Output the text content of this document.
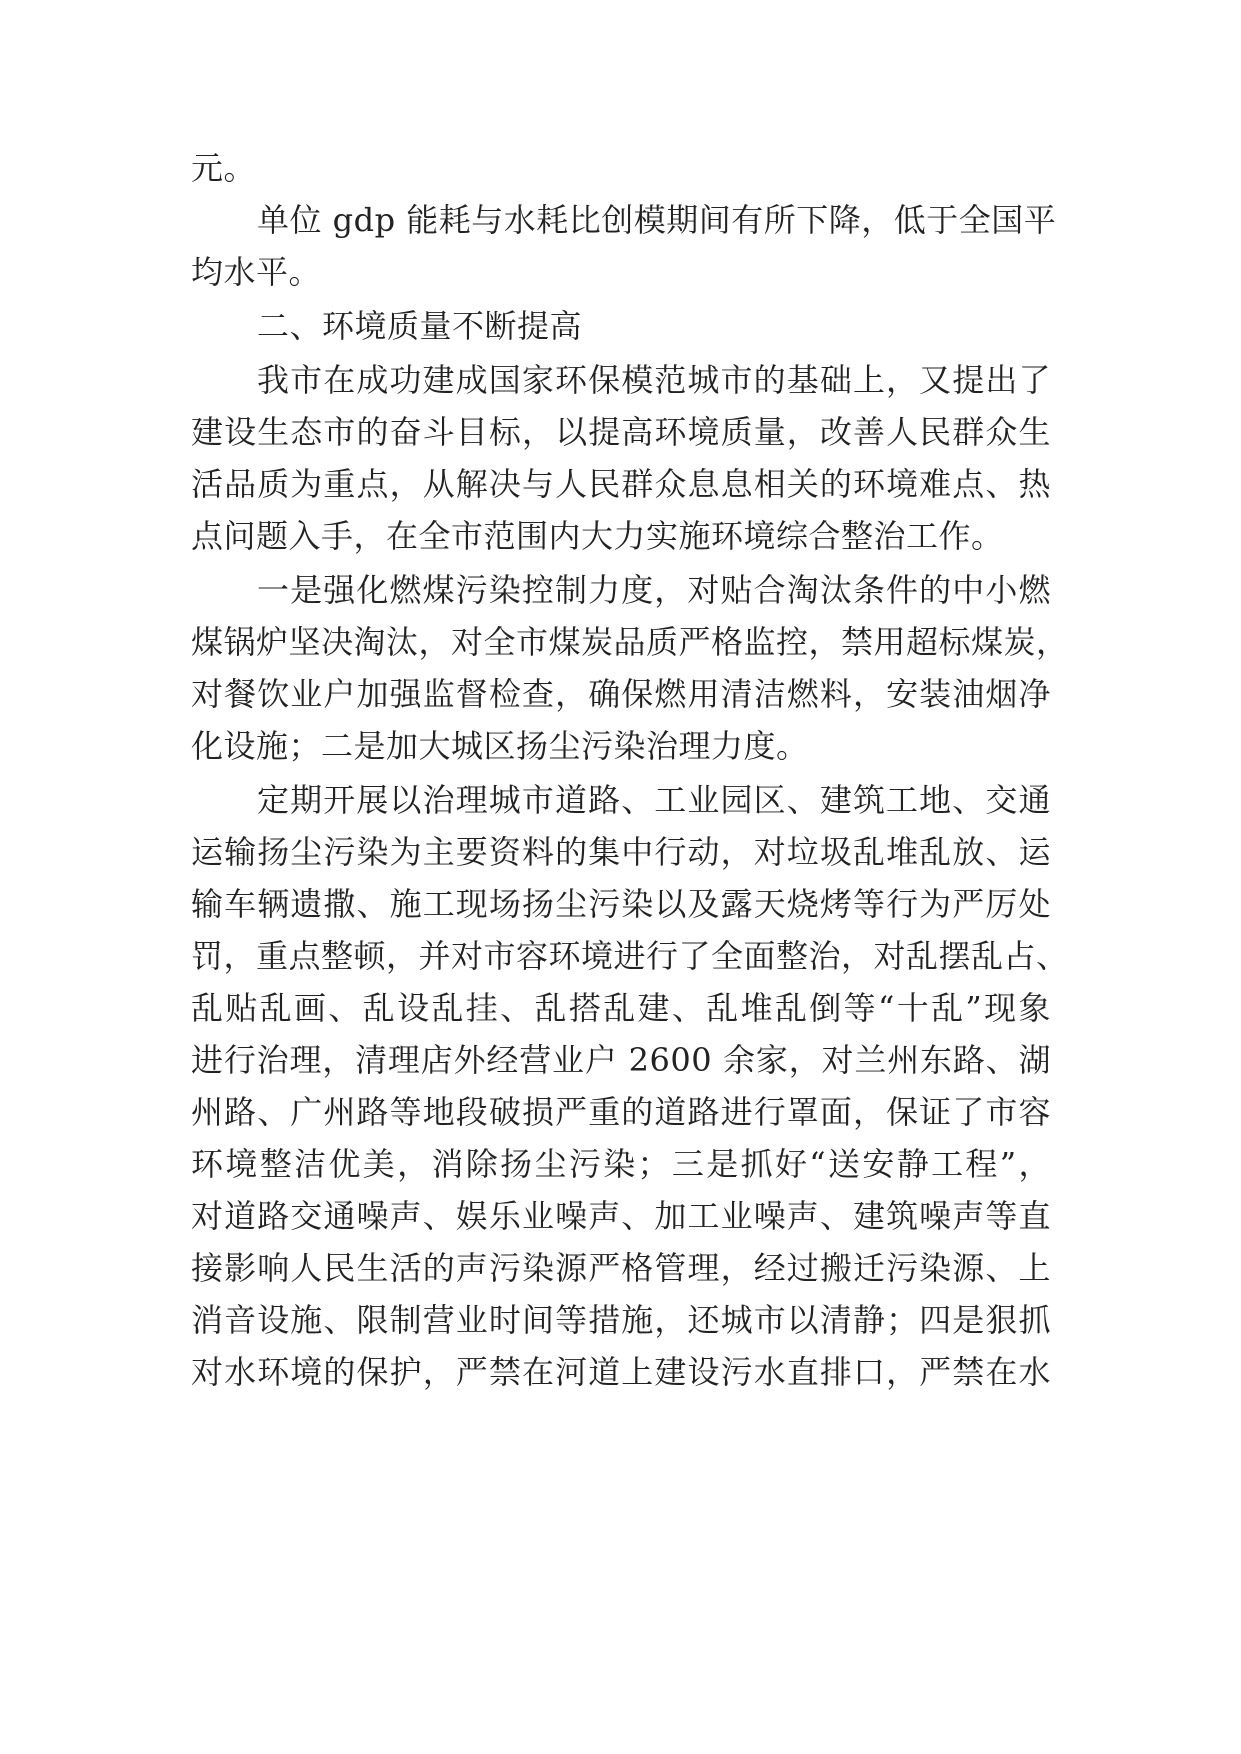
元。
单位 gdp 能耗与水耗比创模期间有所下降，低于全国平
均水平。
二、环境质量不断提高
我市在成功建成国家环保模范城市的基础上，又提出了
建设生态市的奋斗目标，以提高环境质量，改善人民群众生
活品质为重点，从解决与人民群众息息相关的环境难点、热
点问题入手，在全市范围内大力实施环境综合整治工作。
一是强化燃煤污染控制力度，对贴合淘汰条件的中小燃
煤锅炉坚决淘汰，对全市煤炭品质严格监控，禁用超标煤炭，
对餐饮业户加强监督检查，确保燃用清洁燃料，安装油烟净
化设施；二是加大城区扬尘污染治理力度。
定期开展以治理城市道路、工业园区、建筑工地、交通
运输扬尘污染为主要资料的集中行动，对垃圾乱堆乱放、运
输车辆遗撒、施工现场扬尘污染以及露天烧烤等行为严厉处
罚，重点整顿，并对市容环境进行了全面整治，对乱摆乱占、
乱贴乱画、乱设乱挂、乱搭乱建、乱堆乱倒等“十乱”现象
进行治理，清理店外经营业户 2600 余家，对兰州东路、湖
州路、广州路等地段破损严重的道路进行罩面，保证了市容
环境整洁优美，消除扬尘污染；三是抓好“送安静工程”，
对道路交通噪声、娱乐业噪声、加工业噪声、建筑噪声等直
接影响人民生活的声污染源严格管理，经过搬迁污染源、上
消音设施、限制营业时间等措施，还城市以清静；四是狠抓
对水环境的保护，严禁在河道上建设污水直排口，严禁在水
